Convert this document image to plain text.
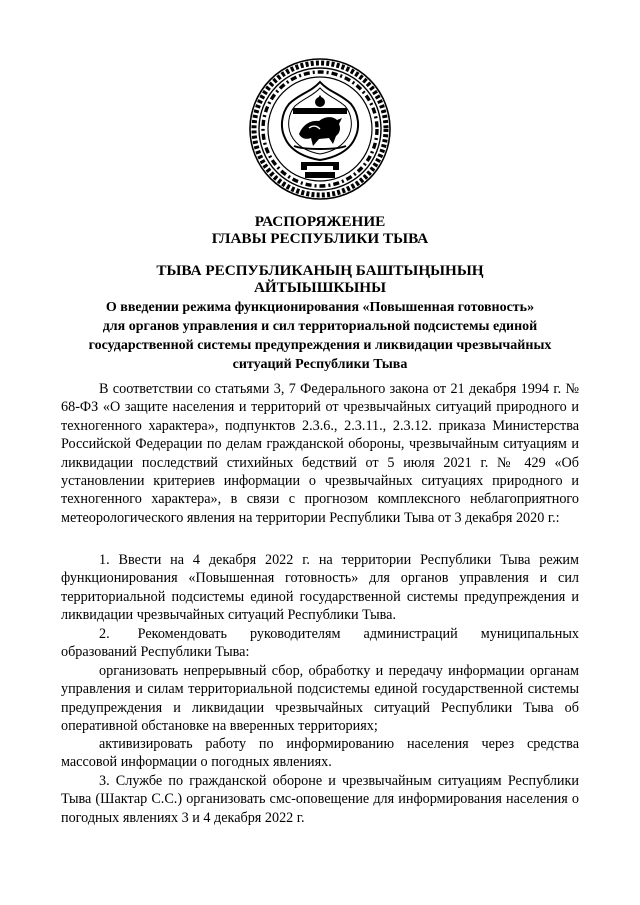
РАСПОРЯЖЕНИЕ

ГЛАВЫ РЕСПУБЛИКИ ТЫВА

ТЫВА РЕСПУБЛИКАНЫҢ БАШТЫҢЫНЫҢ

АЙТЫЫШКЫНЫ

О введении режима функционирования «Повышенная готовность»

для органов управления и сил территориальной подсистемы единой

государственной системы предупреждения и ликвидации чрезвычайных

ситуаций Республики Тыва

В соответствии со статьями 3, 7 Федерального закона от 21 декабря 1994 г. № 68-ФЗ «О защите населения и территорий от чрезвычайных ситуаций природного и техногенного характера», подпунктов 2.3.6., 2.3.11., 2.3.12. приказа Министерства Российской Федерации по делам гражданской обороны, чрезвычайным ситуациям и ликвидации последствий стихийных бедствий от 5 июля 2021 г. № 429 «Об установлении критериев информации о чрезвычайных ситуациях природного и техногенного характера», в связи с прогнозом комплексного неблагоприятного метеорологического явления на территории Республики Тыва от 3 декабря 2020 г.:

1. Ввести на 4 декабря 2022 г. на территории Республики Тыва режим функционирования «Повышенная готовность» для органов управления и сил территориальной подсистемы единой государственной системы предупреждения и ликвидации чрезвычайных ситуаций Республики Тыва.

2. Рекомендовать руководителям администраций муниципальных

образований Республики Тыва:

организовать непрерывный сбор, обработку и передачу информации органам управления и силам территориальной подсистемы единой государственной системы предупреждения и ликвидации чрезвычайных ситуаций Республики Тыва об оперативной обстановке на вверенных территориях;

активизировать работу по информированию населения через средства массовой информации о погодных явлениях.

3. Службе по гражданской обороне и чрезвычайным ситуациям Республики Тыва (Шактар С.С.) организовать смс-оповещение для информирования населения о погодных явлениях 3 и 4 декабря 2022 г.
